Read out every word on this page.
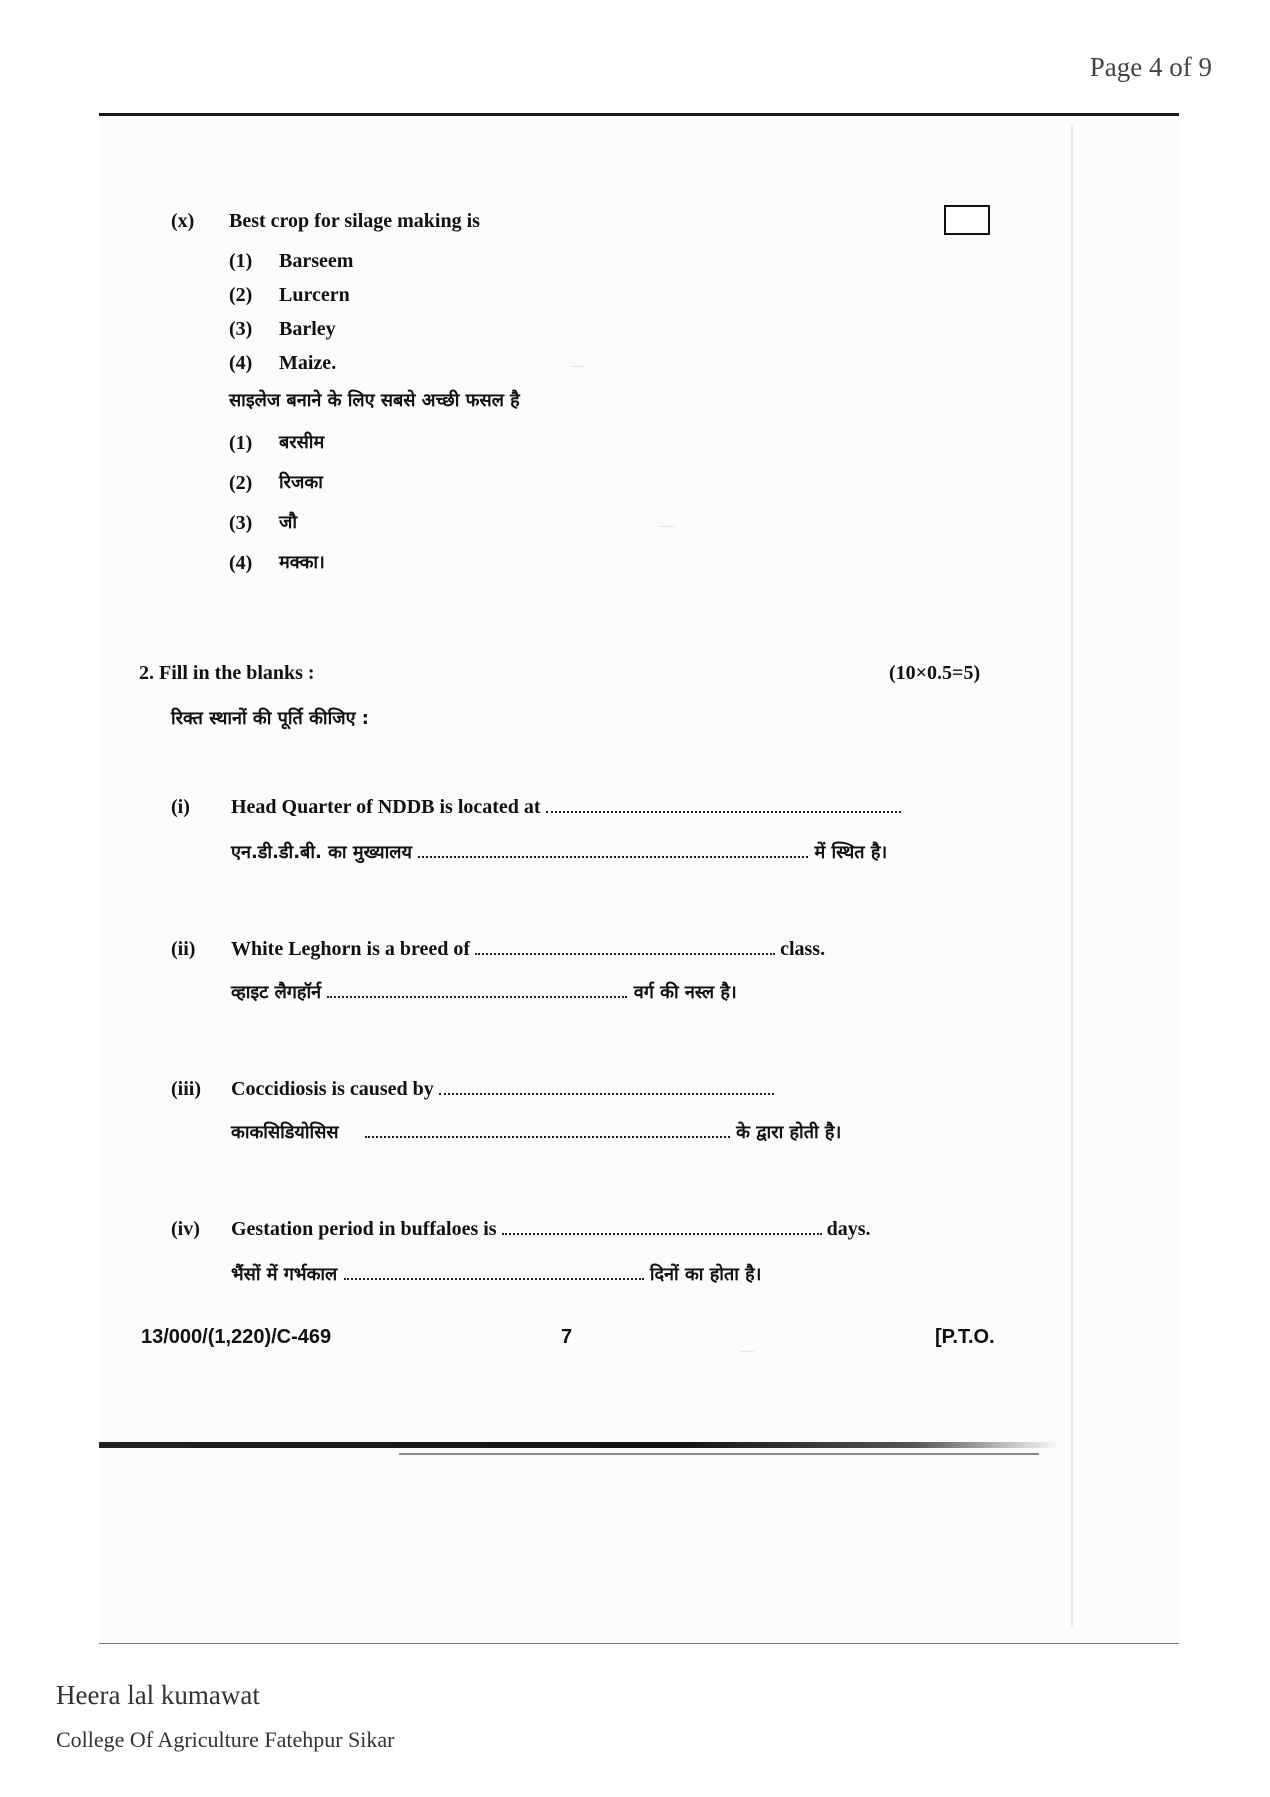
Page 4 of 9
—
—
—
(x) Best crop for silage making is
(1) Barseem
(2) Lurcern
(3) Barley
(4) Maize.
साइलेज बनाने के लिए सबसे अच्छी फसल है
(1) बरसीम
(2) रिजका
(3) जौ
(4) मक्का।
2. Fill in the blanks :	(10×0.5=5)
रिक्त स्थानों की पूर्ति कीजिए :
(i) Head Quarter of NDDB is located at
एन.डी.डी.बी. का मुख्यालय	में स्थित है।
(ii) White Leghorn is a breed of	class.
व्हाइट लैगहॉर्न	वर्ग की नस्ल है।
(iii) Coccidiosis is caused by
काकसिडियोसिस	के द्वारा होती है।
(iv) Gestation period in buffaloes is	days.
भैंसों में गर्भकाल	दिनों का होता है।
13/000/(1,220)/C-469	7	[P.T.O.
Heera lal kumawat
College Of Agriculture Fatehpur Sikar
